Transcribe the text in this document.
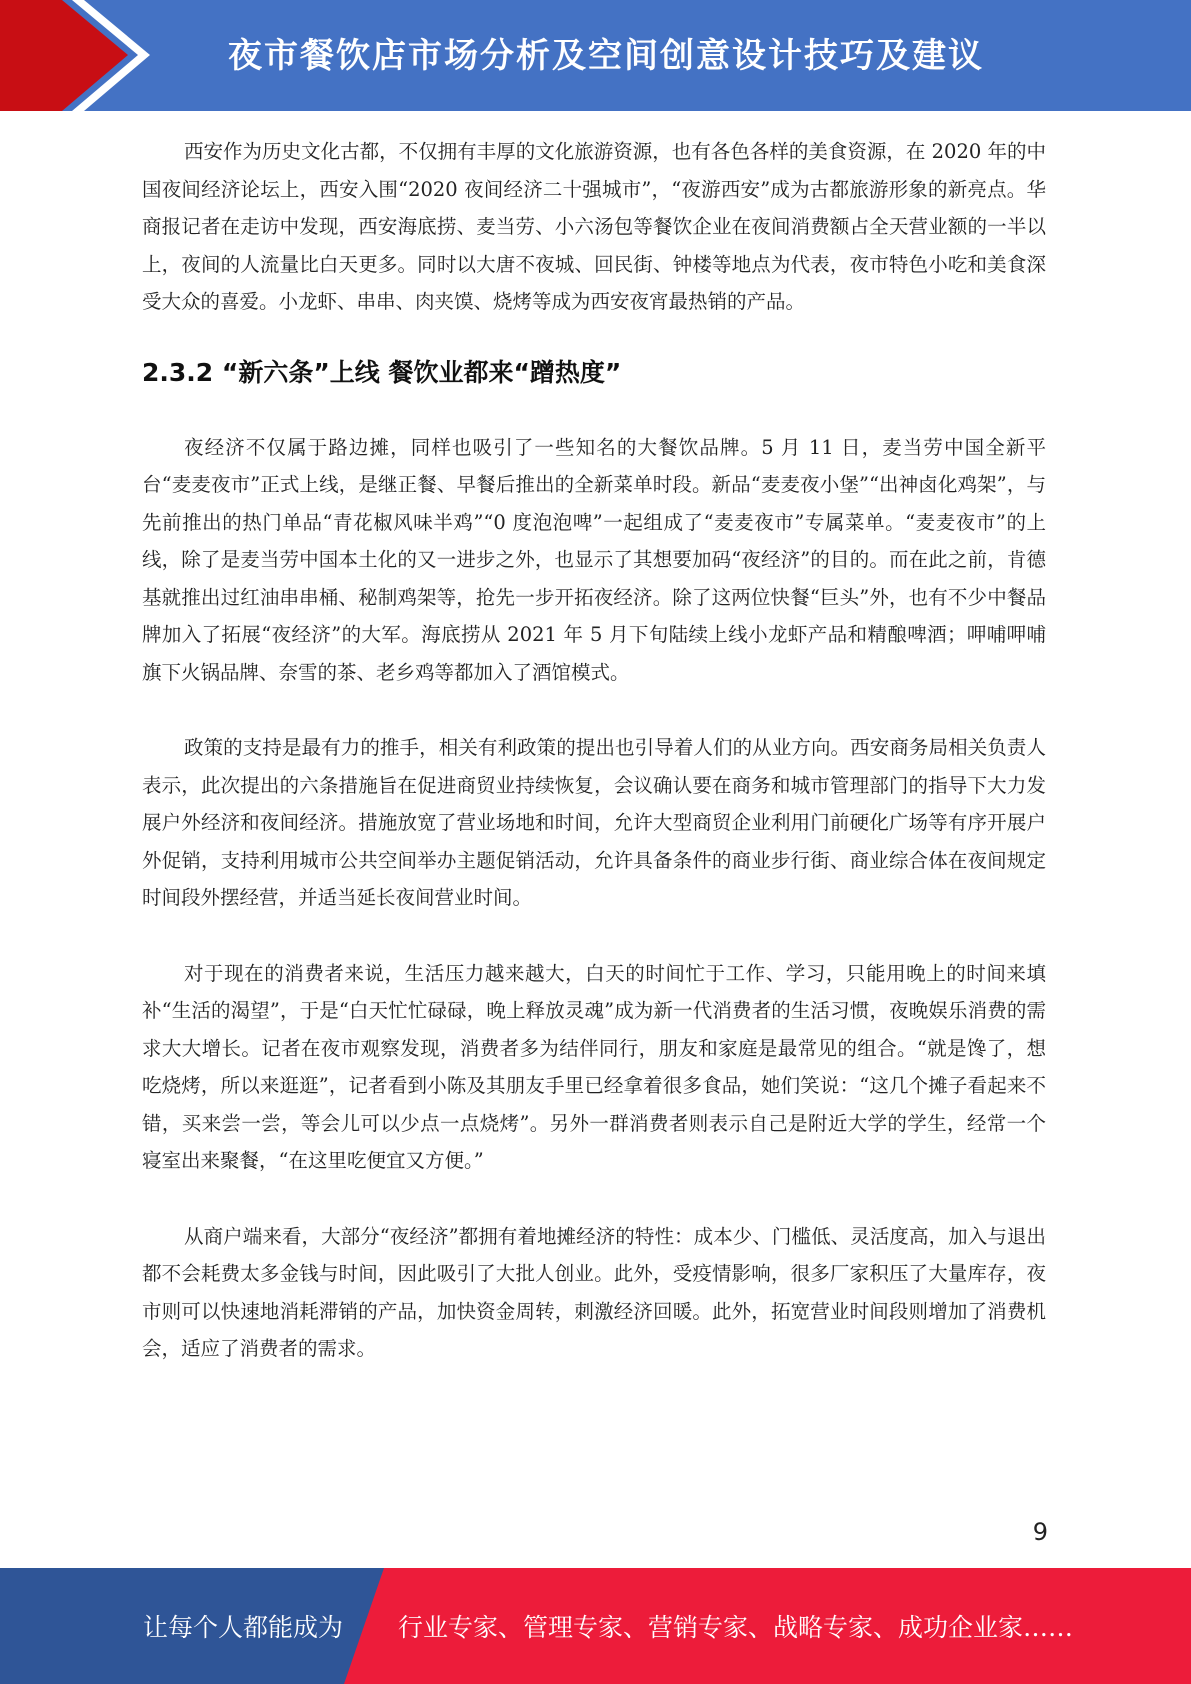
夜市餐饮店市场分析及空间创意设计技巧及建议

西安作为历史文化古都，不仅拥有丰厚的文化旅游资源，也有各色各样的美食资源，在 2020 年的中国夜间经济论坛上，西安入围“2020 夜间经济二十强城市”，“夜游西安”成为古都旅游形象的新亮点。华商报记者在走访中发现，西安海底捞、麦当劳、小六汤包等餐饮企业在夜间消费额占全天营业额的一半以上，夜间的人流量比白天更多。同时以大唐不夜城、回民街、钟楼等地点为代表，夜市特色小吃和美食深受大众的喜爱。小龙虾、串串、肉夹馍、烧烤等成为西安夜宵最热销的产品。

2.3.2 “新六条”上线 餐饮业都来“蹭热度”

夜经济不仅属于路边摊，同样也吸引了一些知名的大餐饮品牌。5 月 11 日，麦当劳中国全新平台“麦麦夜市”正式上线，是继正餐、早餐后推出的全新菜单时段。新品“麦麦夜小堡”“出神卤化鸡架”，与先前推出的热门单品“青花椒风味半鸡”“0 度泡泡啤”一起组成了“麦麦夜市”专属菜单。“麦麦夜市”的上线，除了是麦当劳中国本土化的又一进步之外，也显示了其想要加码“夜经济”的目的。而在此之前，肯德基就推出过红油串串桶、秘制鸡架等，抢先一步开拓夜经济。除了这两位快餐“巨头”外，也有不少中餐品牌加入了拓展“夜经济”的大军。海底捞从 2021 年 5 月下旬陆续上线小龙虾产品和精酿啤酒；呷哺呷哺旗下火锅品牌、奈雪的茶、老乡鸡等都加入了酒馆模式。

政策的支持是最有力的推手，相关有利政策的提出也引导着人们的从业方向。西安商务局相关负责人表示，此次提出的六条措施旨在促进商贸业持续恢复，会议确认要在商务和城市管理部门的指导下大力发展户外经济和夜间经济。措施放宽了营业场地和时间，允许大型商贸企业利用门前硬化广场等有序开展户外促销，支持利用城市公共空间举办主题促销活动，允许具备条件的商业步行街、商业综合体在夜间规定时间段外摆经营，并适当延长夜间营业时间。

对于现在的消费者来说，生活压力越来越大，白天的时间忙于工作、学习，只能用晚上的时间来填补“生活的渴望”，于是“白天忙忙碌碌，晚上释放灵魂”成为新一代消费者的生活习惯，夜晚娱乐消费的需求大大增长。记者在夜市观察发现，消费者多为结伴同行，朋友和家庭是最常见的组合。“就是馋了，想吃烧烤，所以来逛逛”，记者看到小陈及其朋友手里已经拿着很多食品，她们笑说：“这几个摊子看起来不错，买来尝一尝，等会儿可以少点一点烧烤”。另外一群消费者则表示自己是附近大学的学生，经常一个寝室出来聚餐，“在这里吃便宜又方便。”

从商户端来看，大部分“夜经济”都拥有着地摊经济的特性：成本少、门槛低、灵活度高，加入与退出都不会耗费太多金钱与时间，因此吸引了大批人创业。此外，受疫情影响，很多厂家积压了大量库存，夜市则可以快速地消耗滞销的产品，加快资金周转，刺激经济回暖。此外，拓宽营业时间段则增加了消费机会，适应了消费者的需求。

9
让每个人都能成为 行业专家、管理专家、营销专家、战略专家、成功企业家……
